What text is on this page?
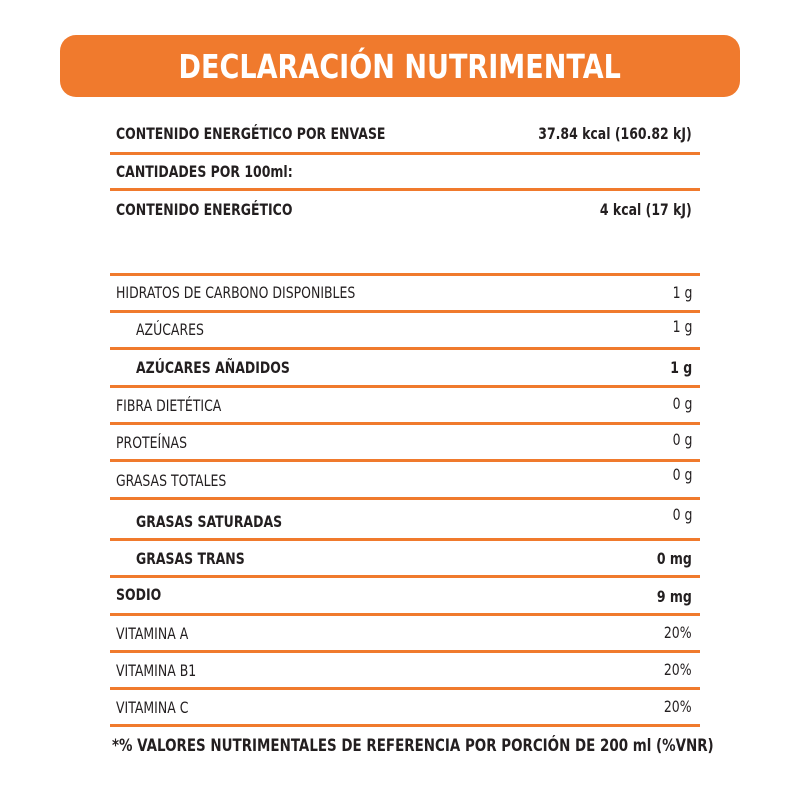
DECLARACIÓN NUTRIMENTAL
CONTENIDO ENERGÉTICO POR ENVASE	37.84 kcal (160.82 kJ)
CANTIDADES POR 100ml:
CONTENIDO ENERGÉTICO	4 kcal (17 kJ)
HIDRATOS DE CARBONO DISPONIBLES	1 g
AZÚCARES	1 g
AZÚCARES AÑADIDOS	1 g
FIBRA DIETÉTICA	0 g
PROTEÍNAS	0 g
GRASAS TOTALES	0 g
GRASAS SATURADAS	0 g
GRASAS TRANS	0 mg
SODIO	9 mg
VITAMINA A	20%
VITAMINA B1	20%
VITAMINA C	20%
*% VALORES NUTRIMENTALES DE REFERENCIA POR PORCIÓN DE 200 ml (%VNR)
